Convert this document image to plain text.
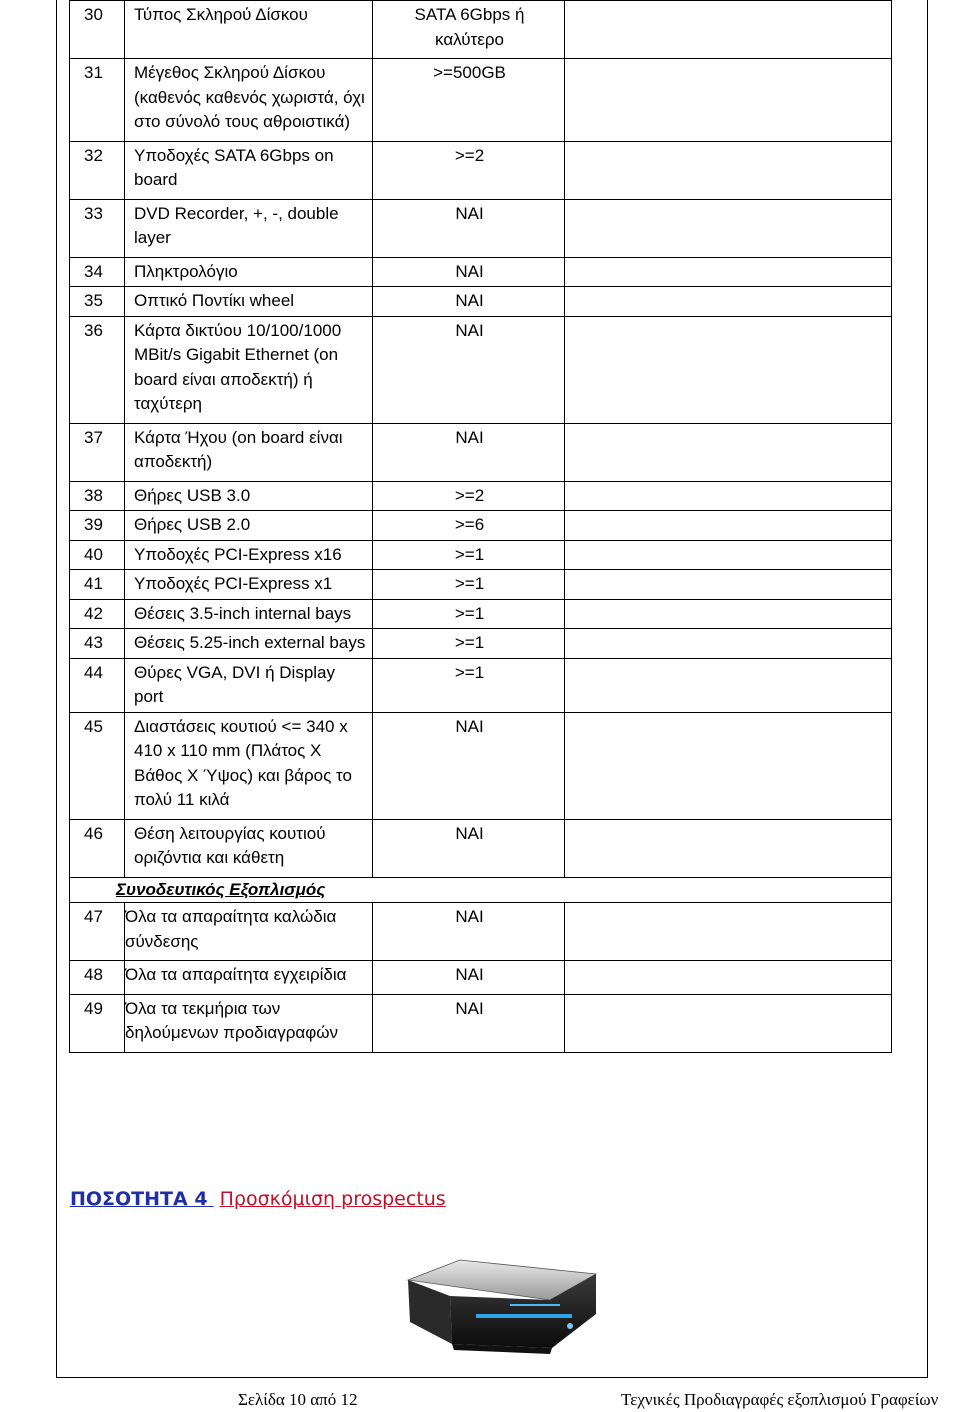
30	Τύπος Σκληρού Δίσκου	SATA 6Gbps ή καλύτερο	
31	Μέγεθος Σκληρού Δίσκου (καθενός καθενός χωριστά, όχι στο σύνολό τους αθροιστικά)	>=500GB	
32	Υποδοχές SATA 6Gbps on board	>=2	
33	DVD Recorder, +, -, double layer	ΝΑΙ	
34	Πληκτρολόγιο	ΝΑΙ	
35	Οπτικό Ποντίκι wheel	ΝΑΙ	
36	Κάρτα δικτύου 10/100/1000 MBit/s Gigabit Ethernet (on board είναι αποδεκτή) ή ταχύτερη	ΝΑΙ	
37	Κάρτα Ήχου (on board είναι αποδεκτή)	ΝΑΙ	
38	Θήρες USB 3.0	>=2	
39	Θήρες USB 2.0	>=6	
40	Υποδοχές PCI-Express x16	>=1	
41	Υποδοχές PCI-Express x1	>=1	
42	Θέσεις 3.5-inch internal bays	>=1	
43	Θέσεις 5.25-inch external bays	>=1	
44	Θύρες VGA, DVI ή Display port	>=1	
45	Διαστάσεις κουτιού <= 340 x 410 x 110 mm (Πλάτος Χ Βάθος Χ Ύψος) και βάρος το πολύ 11 κιλά	ΝΑΙ	
46	Θέση λειτουργίας κουτιού οριζόντια και κάθετη	ΝΑΙ	
Συνοδευτικός Εξοπλισμός			
47	Όλα τα απαραίτητα καλώδια σύνδεσης	ΝΑΙ	
48	Όλα τα απαραίτητα εγχειρίδια	ΝΑΙ	
49	Όλα τα τεκμήρια των δηλούμενων προδιαγραφών	ΝΑΙ	
ΠΟΣΟΤΗΤΑ 4 Προσκόμιση prospectus
Σελίδα 10 από 12	Τεχνικές Προδιαγραφές εξοπλισμού Γραφείων
